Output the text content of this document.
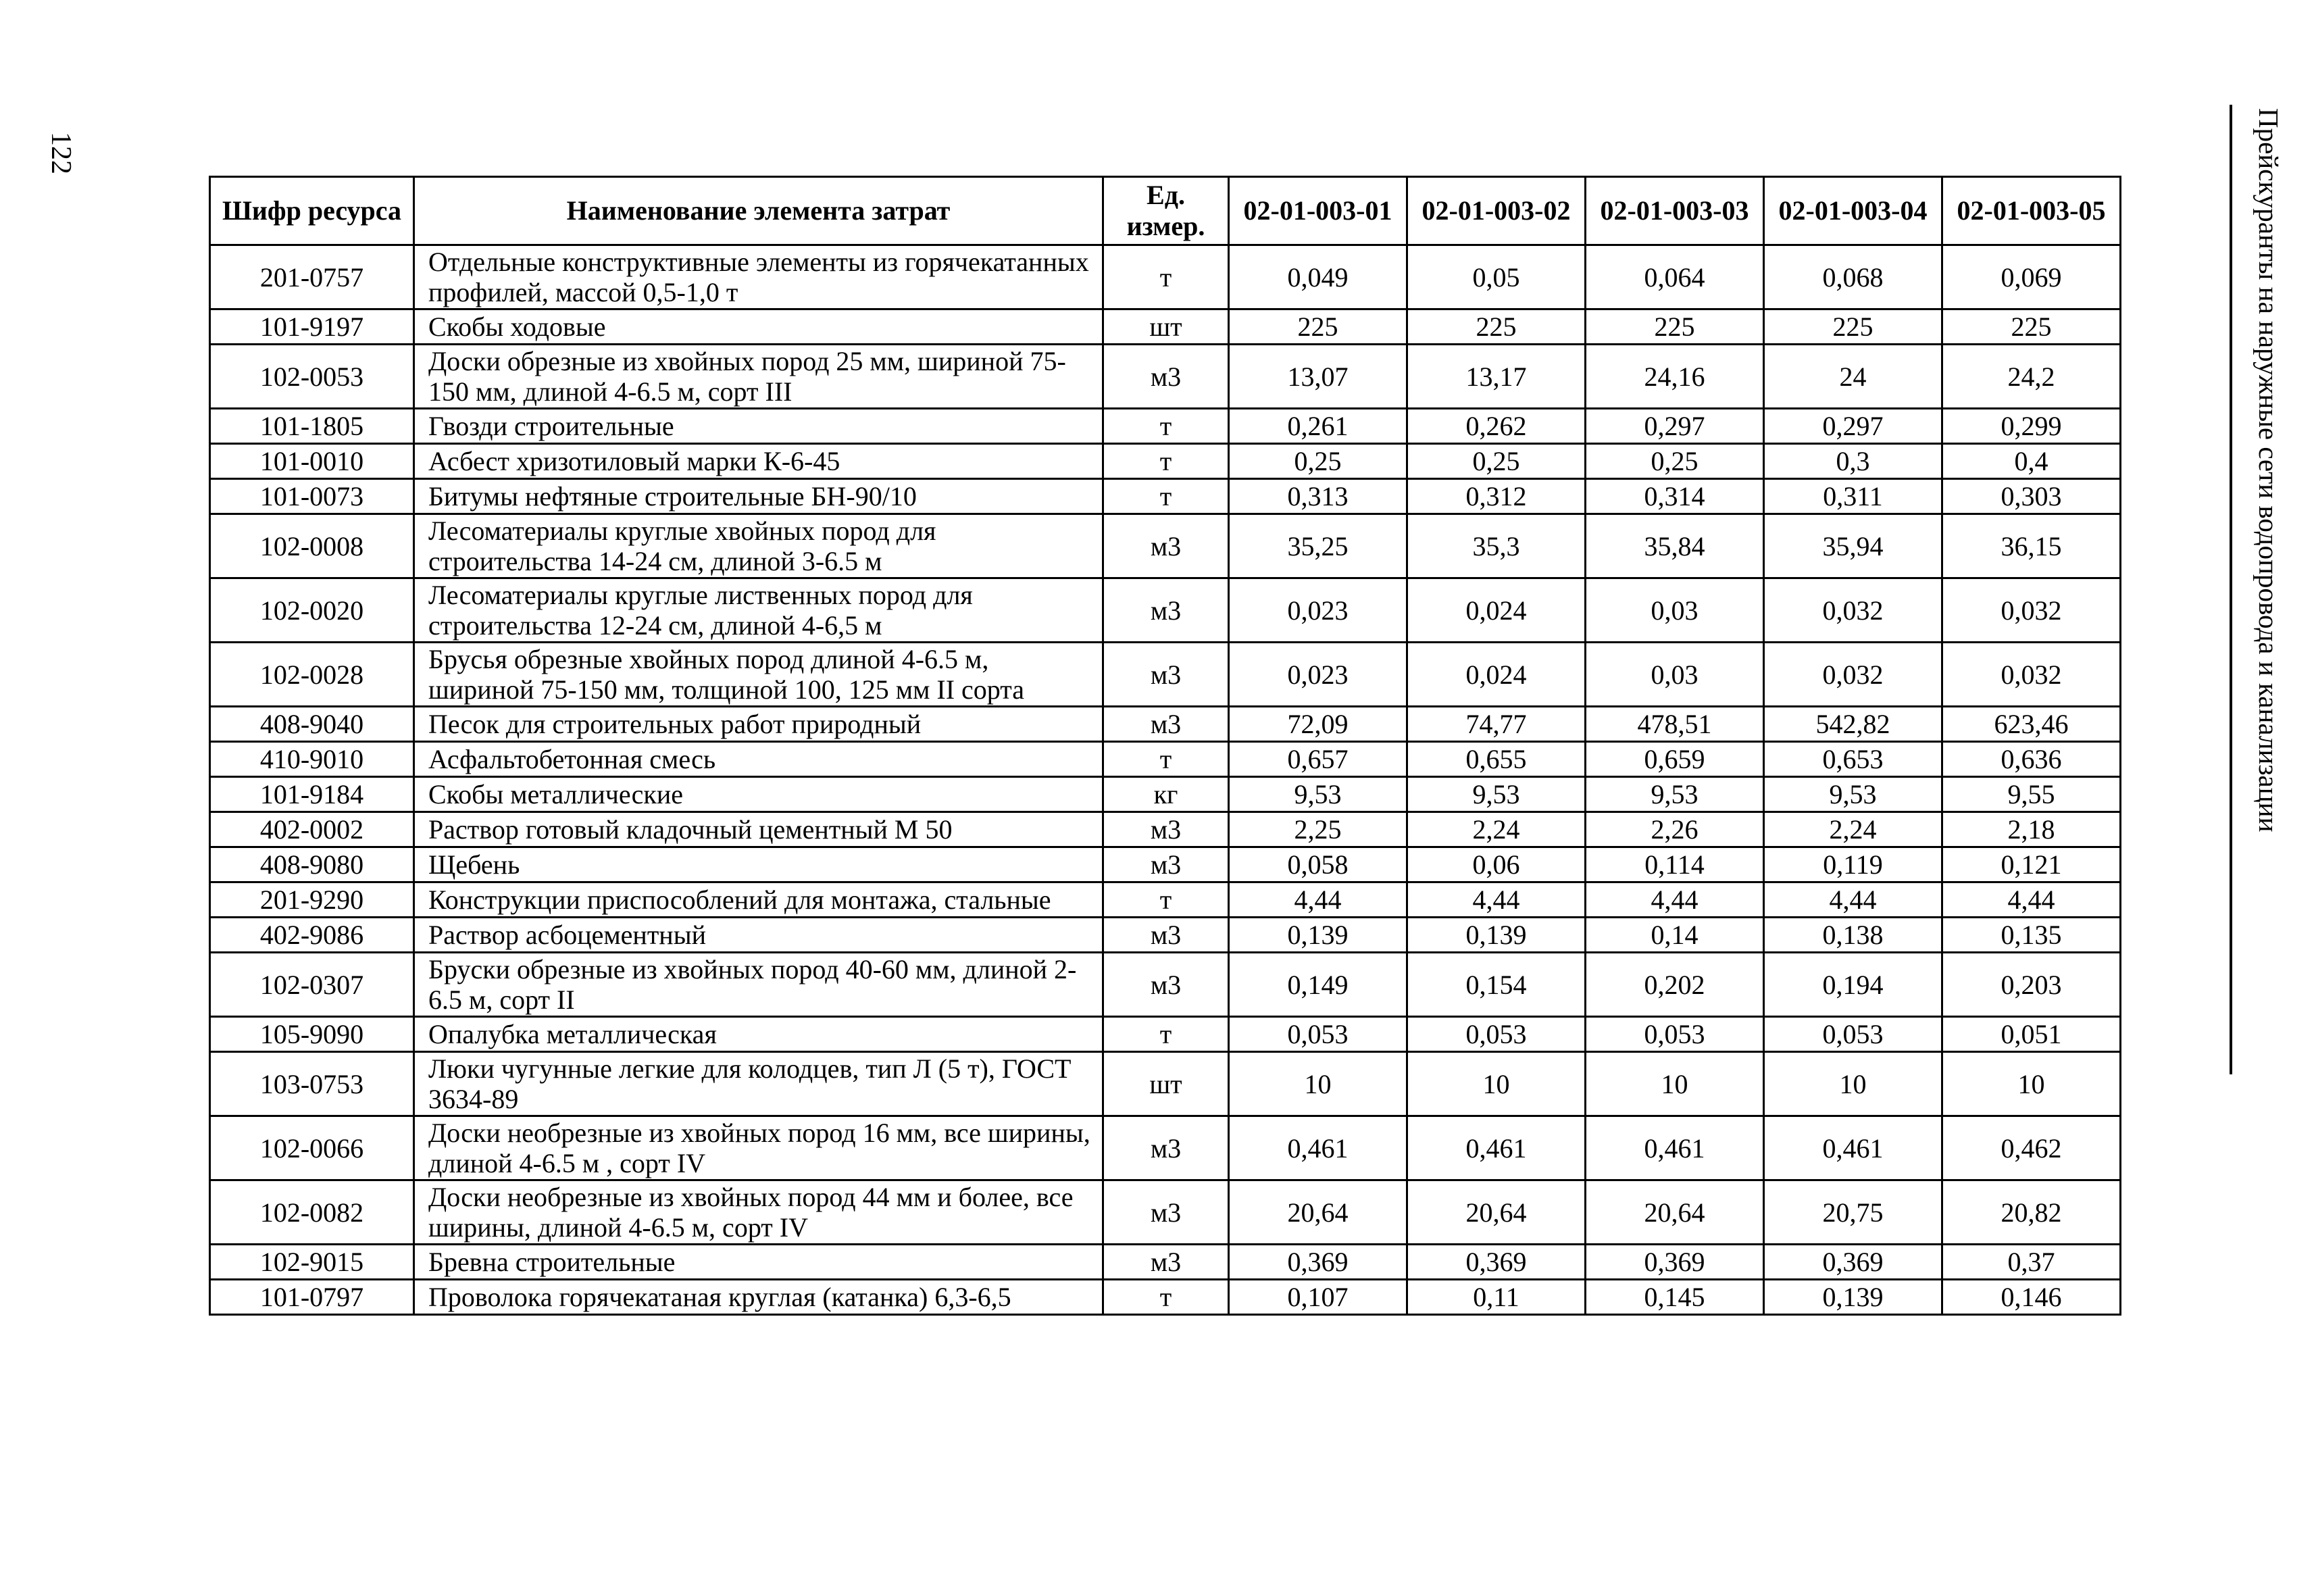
122	Прейскуранты на наружные сети водопровода и канализации
Шифр ресурса	Наименование элемента затрат	Ед. измер.	02-01-003-01	02-01-003-02	02-01-003-03	02-01-003-04	02-01-003-05
201-0757	Отдельные конструктивные элементы из горячекатанных профилей, массой 0,5-1,0 т	т	0,049	0,05	0,064	0,068	0,069
101-9197	Скобы ходовые	шт	225	225	225	225	225
102-0053	Доски обрезные из хвойных пород 25 мм, шириной 75-150 мм, длиной 4-6.5 м, сорт III	м3	13,07	13,17	24,16	24	24,2
101-1805	Гвозди строительные	т	0,261	0,262	0,297	0,297	0,299
101-0010	Асбест хризотиловый марки К-6-45	т	0,25	0,25	0,25	0,3	0,4
101-0073	Битумы нефтяные строительные БН-90/10	т	0,313	0,312	0,314	0,311	0,303
102-0008	Лесоматериалы круглые хвойных пород для строительства 14-24 см, длиной 3-6.5 м	м3	35,25	35,3	35,84	35,94	36,15
102-0020	Лесоматериалы круглые лиственных пород для строительства 12-24 см, длиной 4-6,5 м	м3	0,023	0,024	0,03	0,032	0,032
102-0028	Брусья обрезные хвойных пород длиной 4-6.5 м, шириной 75-150 мм, толщиной 100, 125 мм II сорта	м3	0,023	0,024	0,03	0,032	0,032
408-9040	Песок для строительных работ природный	м3	72,09	74,77	478,51	542,82	623,46
410-9010	Асфальтобетонная смесь	т	0,657	0,655	0,659	0,653	0,636
101-9184	Скобы металлические	кг	9,53	9,53	9,53	9,53	9,55
402-0002	Раствор готовый кладочный цементный М 50	м3	2,25	2,24	2,26	2,24	2,18
408-9080	Щебень	м3	0,058	0,06	0,114	0,119	0,121
201-9290	Конструкции приспособлений для монтажа, стальные	т	4,44	4,44	4,44	4,44	4,44
402-9086	Раствор асбоцементный	м3	0,139	0,139	0,14	0,138	0,135
102-0307	Бруски обрезные из хвойных пород 40-60 мм, длиной 2-6.5 м, сорт II	м3	0,149	0,154	0,202	0,194	0,203
105-9090	Опалубка металлическая	т	0,053	0,053	0,053	0,053	0,051
103-0753	Люки чугунные легкие для колодцев, тип Л (5 т), ГОСТ 3634-89	шт	10	10	10	10	10
102-0066	Доски необрезные из хвойных пород 16 мм, все ширины, длиной 4-6.5 м , сорт IV	м3	0,461	0,461	0,461	0,461	0,462
102-0082	Доски необрезные из хвойных пород 44 мм и более, все ширины, длиной 4-6.5 м, сорт IV	м3	20,64	20,64	20,64	20,75	20,82
102-9015	Бревна строительные	м3	0,369	0,369	0,369	0,369	0,37
101-0797	Проволока горячекатаная круглая (катанка) 6,3-6,5	т	0,107	0,11	0,145	0,139	0,146
